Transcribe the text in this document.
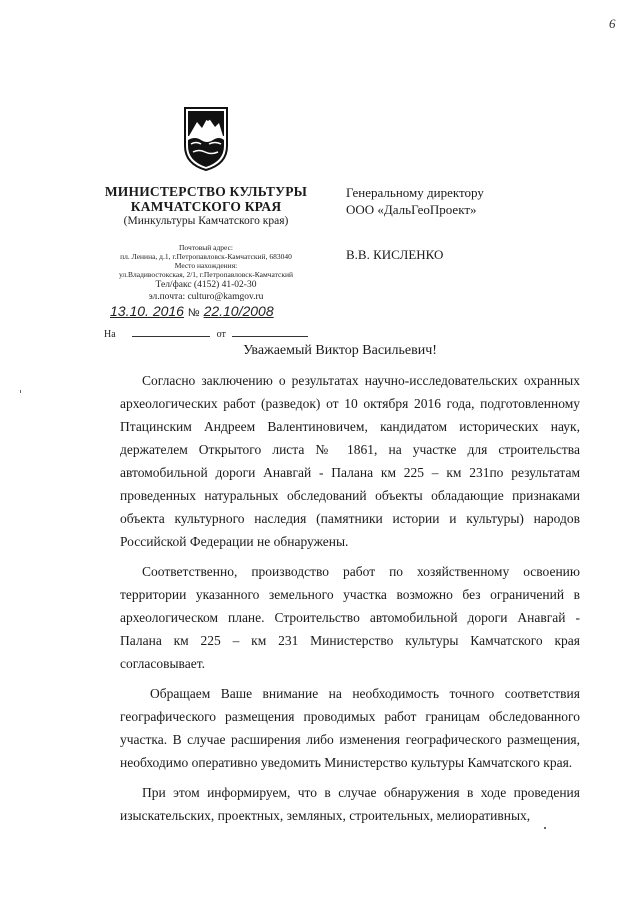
6
МИНИСТЕРСТВО КУЛЬТУРЫ
КАМЧАТСКОГО КРАЯ
(Минкультуры Камчатского края)
Почтовый адрес:
пл. Ленина, д.1, г.Петропавловск-Камчатский, 683040
Место нахождения:
ул.Владивостокская, 2/1, г.Петропавловск-Камчатский
Тел/факс (4152) 41-02-30
эл.почта: culturo@kamgov.ru
13.10. 2016 № 22.10/2008
На	от
Генеральному директору
ООО «ДальГеоПроект»
В.В. КИСЛЕНКО
Уважаемый Виктор Васильевич!

Согласно заключению о результатах научно-исследовательских охранных археологических работ (разведок) от 10 октября 2016 года, подготовленному Птацинским Андреем Валентиновичем, кандидатом исторических наук, держателем Открытого листа № 1861, на участке для строительства автомобильной дороги Анавгай - Палана км 225 – км 231по результатам проведенных натуральных обследований объекты обладающие признаками объекта культурного наследия (памятники истории и культуры) народов Российской Федерации не обнаружены.

Соответственно, производство работ по хозяйственному освоению территории указанного земельного участка возможно без ограничений в археологическом плане. Строительство автомобильной дороги Анавгай - Палана км 225 – км 231 Министерство культуры Камчатского края согласовывает.

Обращаем Ваше внимание на необходимость точного соответствия географического размещения проводимых работ границам обследованного участка. В случае расширения либо изменения географического размещения, необходимо оперативно уведомить Министерство культуры Камчатского края.

При этом информируем, что в случае обнаружения в ходе проведения изыскательских, проектных, земляных, строительных, мелиоративных,
